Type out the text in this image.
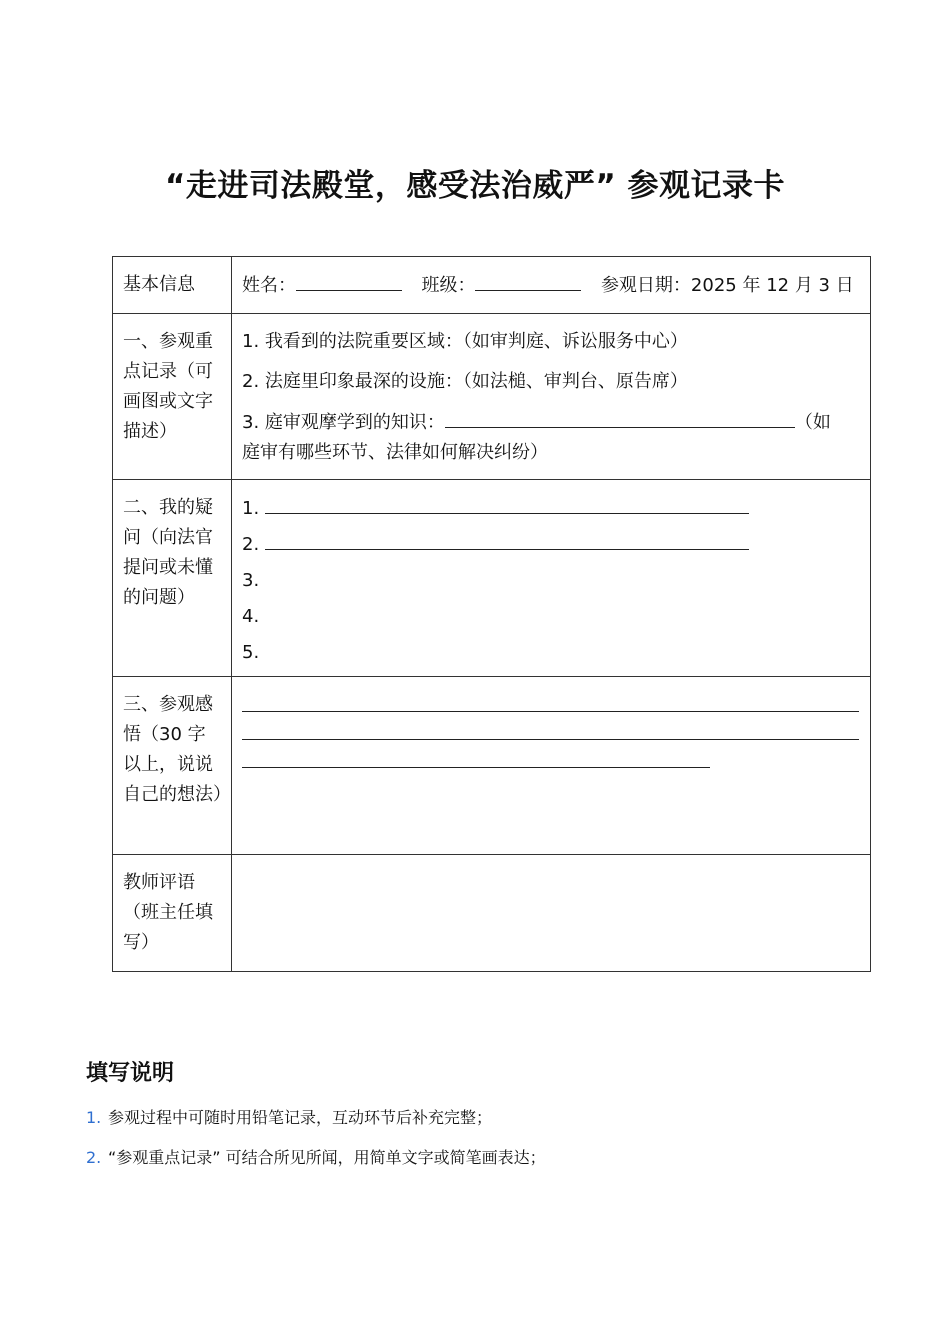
“走进司法殿堂，感受法治威严” 参观记录卡
基本信息	姓名： 班级： 参观日期：2025 年 12 月 3 日

一、参观重点记录（可画图或文字描述）	1. 我看到的法院重要区域：（如审判庭、诉讼服务中心）
2. 法庭里印象最深的设施：（如法槌、审判台、原告席）
3. 庭审观摩学到的知识： （如
庭审有哪些环节、法律如何解决纠纷）

二、我的疑问（向法官提问或未懂的问题）	1.
2.
3.
4.
5.

三、参观感悟（30 字以上，说说自己的想法）	

教师评语（班主任填写）	

填写说明
1. 参观过程中可随时用铅笔记录，互动环节后补充完整；
2. “参观重点记录” 可结合所见所闻，用简单文字或简笔画表达；
